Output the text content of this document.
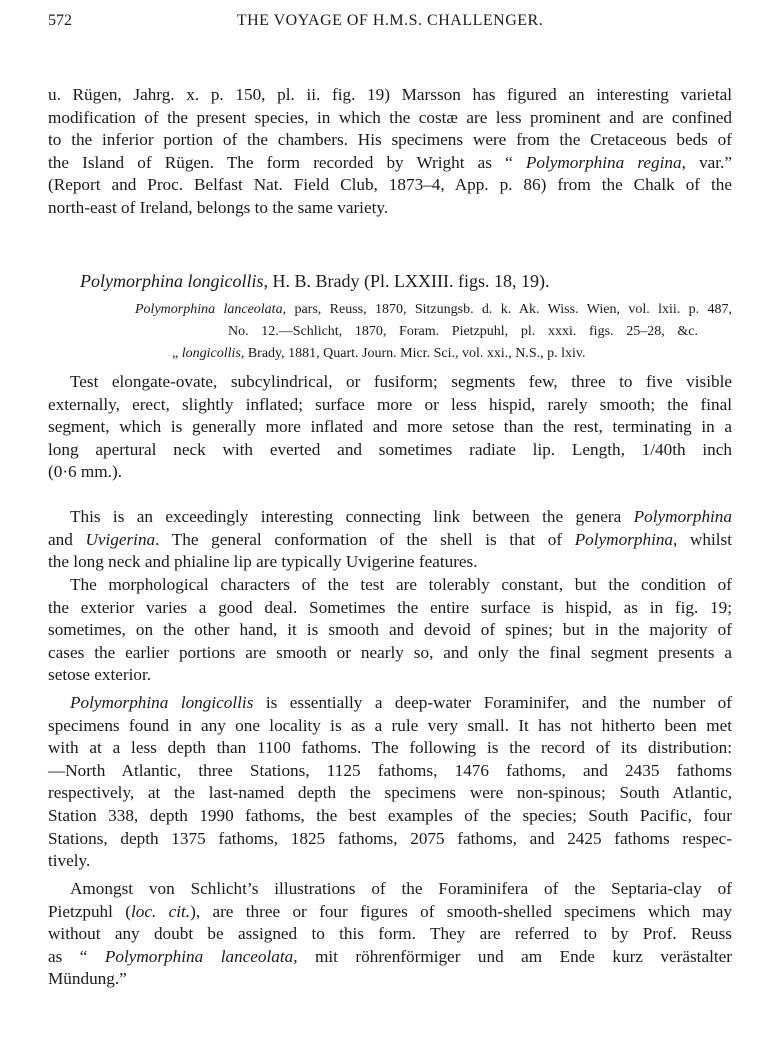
572	THE VOYAGE OF H.M.S. CHALLENGER.
u. Rügen, Jahrg. x. p. 150, pl. ii. fig. 19) Marsson has figured an interesting varietal
modification of the present species, in which the costæ are less prominent and are confined
to the inferior portion of the chambers. His specimens were from the Cretaceous beds of
the Island of Rügen. The form recorded by Wright as “ Polymorphina regina, var.”
(Report and Proc. Belfast Nat. Field Club, 1873–4, App. p. 86) from the Chalk of the
north-east of Ireland, belongs to the same variety.
Polymorphina longicollis, H. B. Brady (Pl. LXXIII. figs. 18, 19).
Polymorphina lanceolata, pars, Reuss, 1870, Sitzungsb. d. k. Ak. Wiss. Wien, vol. lxii. p. 487,
No. 12.—Schlicht, 1870, Foram. Pietzpuhl, pl. xxxi. figs. 25–28, &c.
„ longicollis, Brady, 1881, Quart. Journ. Micr. Sci., vol. xxi., N.S., p. lxiv.
Test elongate-ovate, subcylindrical, or fusiform; segments few, three to five visible
externally, erect, slightly inflated; surface more or less hispid, rarely smooth; the final
segment, which is generally more inflated and more setose than the rest, terminating in a
long apertural neck with everted and sometimes radiate lip. Length, 1/40th inch
(0·6 mm.).
This is an exceedingly interesting connecting link between the genera Polymorphina
and Uvigerina. The general conformation of the shell is that of Polymorphina, whilst
the long neck and phialine lip are typically Uvigerine features.
The morphological characters of the test are tolerably constant, but the condition of
the exterior varies a good deal. Sometimes the entire surface is hispid, as in fig. 19;
sometimes, on the other hand, it is smooth and devoid of spines; but in the majority of
cases the earlier portions are smooth or nearly so, and only the final segment presents a
setose exterior.
Polymorphina longicollis is essentially a deep-water Foraminifer, and the number of
specimens found in any one locality is as a rule very small. It has not hitherto been met
with at a less depth than 1100 fathoms. The following is the record of its distribution:
—North Atlantic, three Stations, 1125 fathoms, 1476 fathoms, and 2435 fathoms
respectively, at the last-named depth the specimens were non-spinous; South Atlantic,
Station 338, depth 1990 fathoms, the best examples of the species; South Pacific, four
Stations, depth 1375 fathoms, 1825 fathoms, 2075 fathoms, and 2425 fathoms respec-
tively.
Amongst von Schlicht’s illustrations of the Foraminifera of the Septaria-clay of
Pietzpuhl (loc. cit.), are three or four figures of smooth-shelled specimens which may
without any doubt be assigned to this form. They are referred to by Prof. Reuss
as “ Polymorphina lanceolata, mit röhrenförmiger und am Ende kurz verästalter
Mündung.”
